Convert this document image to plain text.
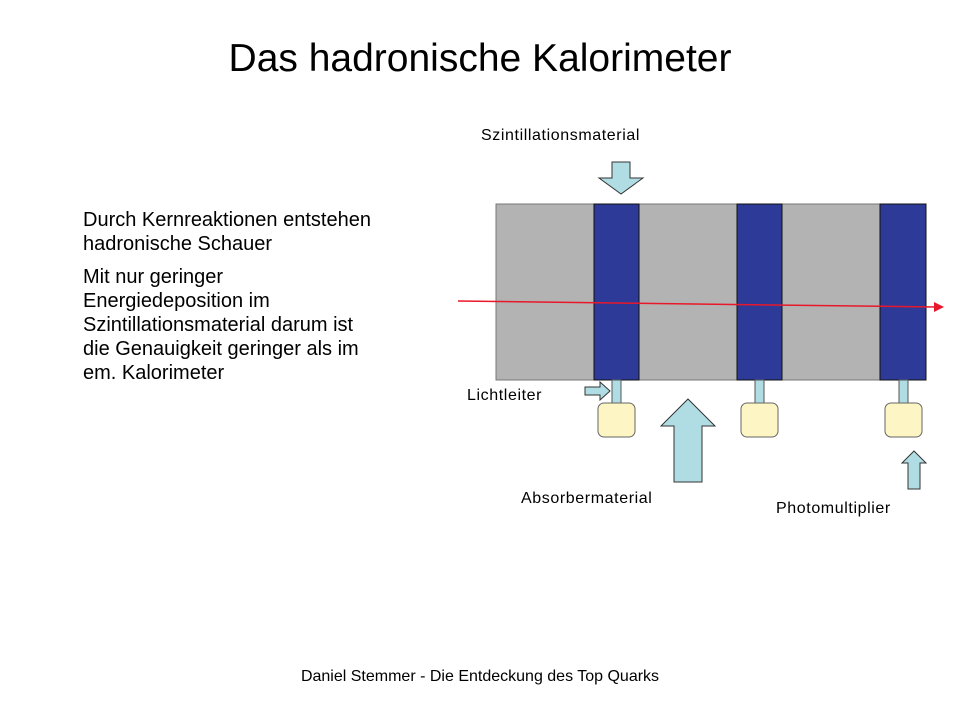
Das hadronische Kalorimeter

Durch Kernreaktionen entstehen hadronische Schauer

Mit nur geringer Energiedeposition im Szintillationsmaterial darum ist die Genauigkeit geringer als im em. Kalorimeter

Szintillationsmaterial
Lichtleiter
Absorbermaterial
Photomultiplier
Daniel Stemmer - Die Entdeckung des Top Quarks
